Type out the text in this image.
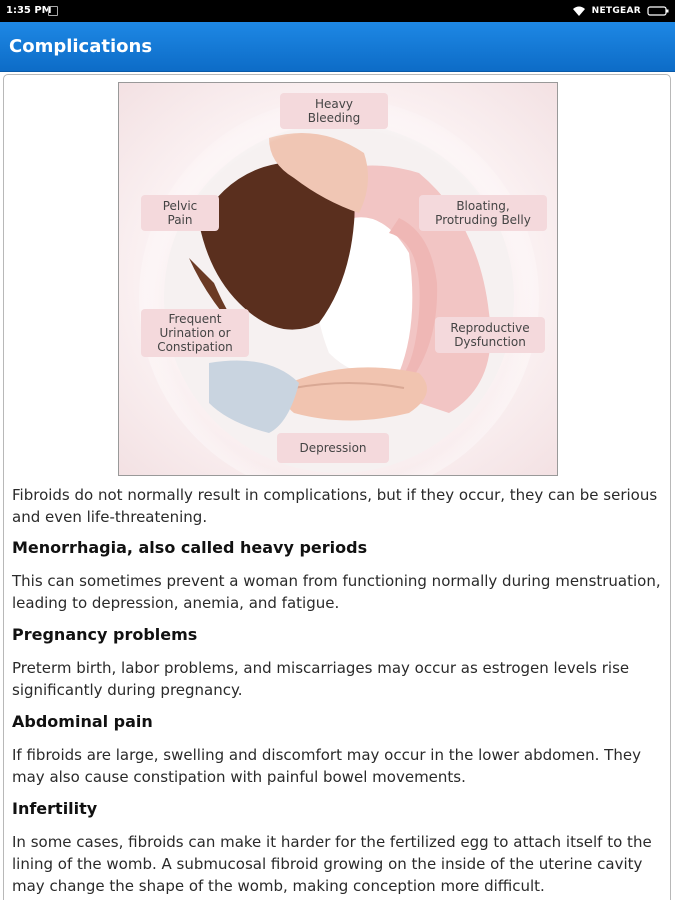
1:35 PM	NETGEAR
Complications
Heavy
Bleeding
Pelvic
Pain
Bloating,
Protruding Belly
Frequent
Urination or
Constipation
Reproductive
Dysfunction
Depression

Fibroids do not normally result in complications, but if they occur, they can be serious and even life-threatening.

Menorrhagia, also called heavy periods

This can sometimes prevent a woman from functioning normally during menstruation, leading to depression, anemia, and fatigue.

Pregnancy problems

Preterm birth, labor problems, and miscarriages may occur as estrogen levels rise significantly during pregnancy.

Abdominal pain

If fibroids are large, swelling and discomfort may occur in the lower abdomen. They may also cause constipation with painful bowel movements.

Infertility

In some cases, fibroids can make it harder for the fertilized egg to attach itself to the lining of the womb. A submucosal fibroid growing on the inside of the uterine cavity may change the shape of the womb, making conception more difficult.
